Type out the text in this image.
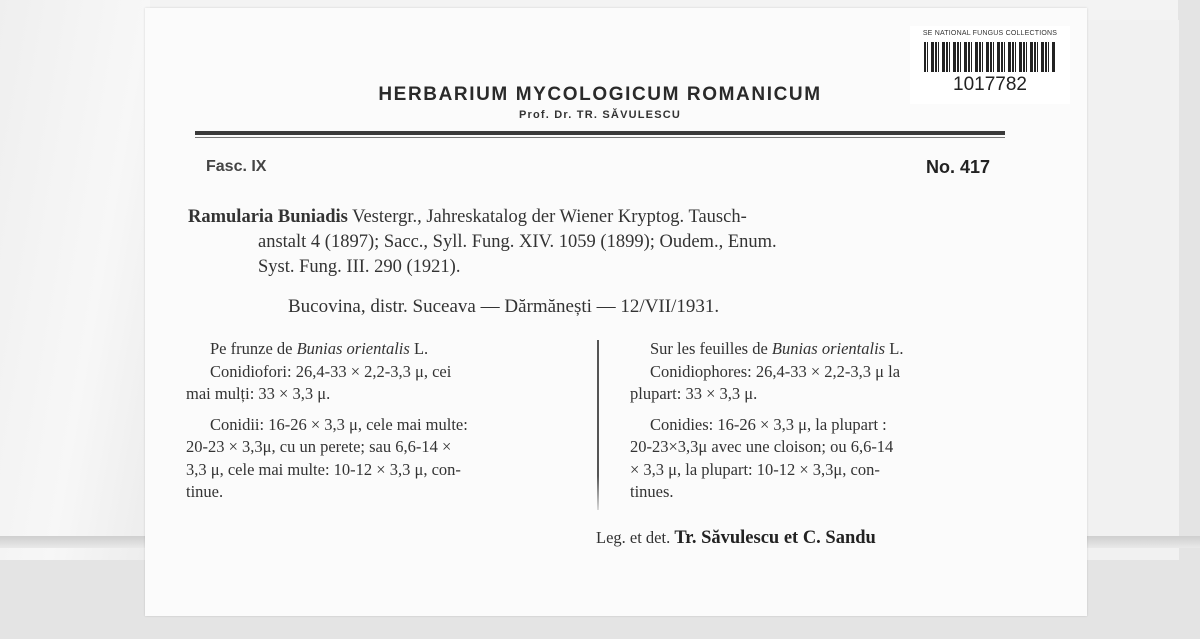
SE NATIONAL FUNGUS COLLECTIONS
1017782
HERBARIUM MYCOLOGICUM ROMANICUM
Prof. Dr. TR. SĂVULESCU
Fasc. IX	No. 417
Ramularia Buniadis Vestergr., Jahreskatalog der Wiener Kryptog. Tausch-
anstalt 4 (1897); Sacc., Syll. Fung. XIV. 1059 (1899); Oudem., Enum.
Syst. Fung. III. 290 (1921).
Bucovina, distr. Suceava — Dărmănești — 12/VII/1931.
Pe frunze de Bunias orientalis L.
Conidiofori: 26,4-33 × 2,2-3,3 μ, cei
mai mulți: 33 × 3,3 μ.
Conidii: 16-26 × 3,3 μ, cele mai multe:
20-23 × 3,3μ, cu un perete; sau 6,6-14 ×
3,3 μ, cele mai multe: 10-12 × 3,3 μ, con-
tinue.
Sur les feuilles de Bunias orientalis L.
Conidiophores: 26,4-33 × 2,2-3,3 μ la
plupart: 33 × 3,3 μ.
Conidies: 16-26 × 3,3 μ, la plupart :
20-23×3,3μ avec une cloison; ou 6,6-14
× 3,3 μ, la plupart: 10-12 × 3,3μ, con-
tinues.
Leg. et det. Tr. Săvulescu et C. Sandu
